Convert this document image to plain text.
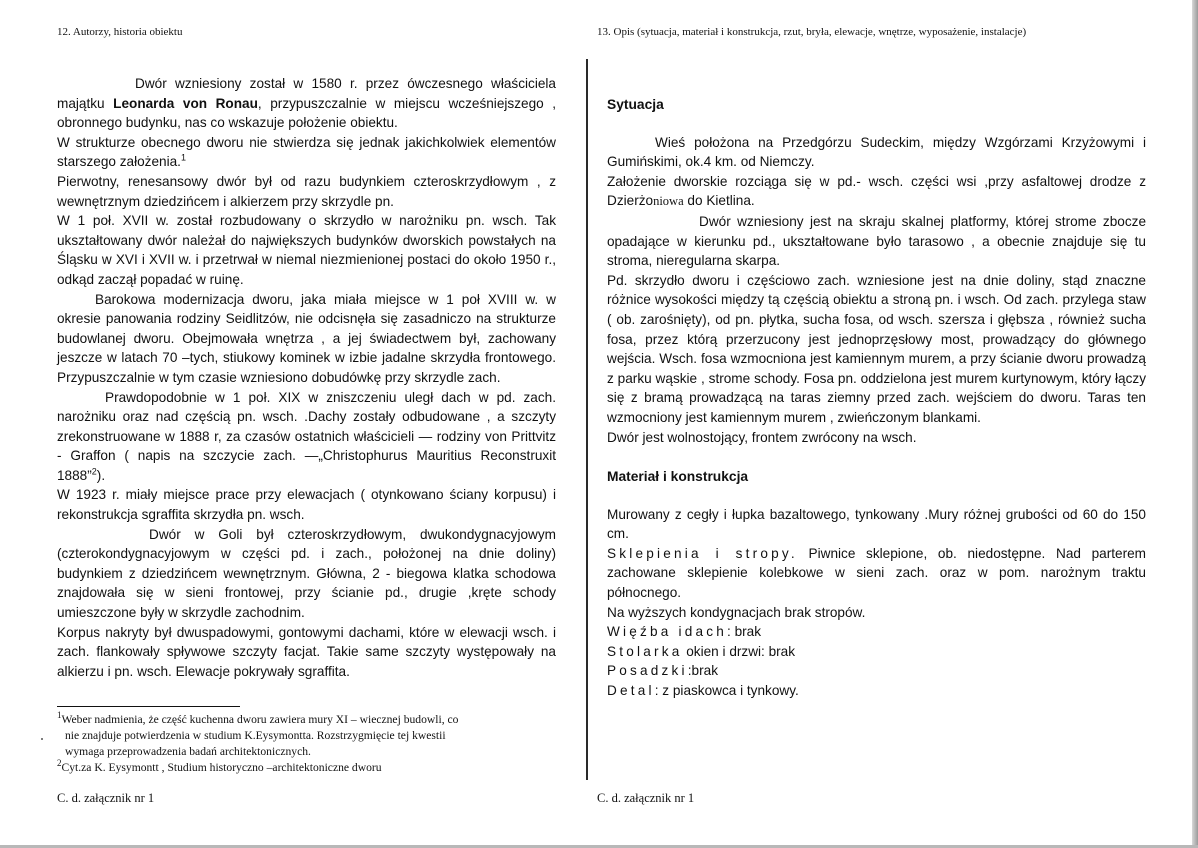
12. Autorzy, historia obiektu	13. Opis (sytuacja, materiał i konstrukcja, rzut, bryła, elewacje, wnętrze, wyposażenie, instalacje)

Dwór wzniesiony został w 1580 r. przez ówczesnego właściciela majątku Leonarda von Ronau, przypuszczalnie w miejscu wcześniejszego , obronnego budynku, nas co wskazuje położenie obiektu.

W strukturze obecnego dworu nie stwierdza się jednak jakichkolwiek elementów starszego założenia.$^1$

Pierwotny, renesansowy dwór był od razu budynkiem czteroskrzydłowym , z wewnętrznym dziedzińcem i alkierzem przy skrzydle pn.

W 1 poł. XVII w. został rozbudowany o skrzydło w narożniku pn. wsch. Tak ukształtowany dwór należał do największych budynków dworskich powstałych na Śląsku w XVI i XVII w. i przetrwał w niemal niezmienionej postaci do około 1950 r., odkąd zaczął popadać w ruinę.

Barokowa modernizacja dworu, jaka miała miejsce w 1 poł XVIII w. w okresie panowania rodziny Seidlitzów, nie odcisnęła się zasadniczo na strukturze budowlanej dworu. Obejmowała wnętrza , a jej świadectwem był, zachowany jeszcze w latach 70 –tych, stiukowy kominek w izbie jadalne skrzydła frontowego. Przypuszczalnie w tym czasie wzniesiono dobudówkę przy skrzydle zach.

Prawdopodobnie w 1 poł. XIX w zniszczeniu uległ dach w pd. zach. narożniku oraz nad częścią pn. wsch. .Dachy zostały odbudowane , a szczyty zrekonstruowane w 1888 r, za czasów ostatnich właścicieli — rodziny von Prittvitz - Graffon ( napis na szczycie zach. —„Christophurus Mauritius Reconstruxit 1888”$^2$).

W 1923 r. miały miejsce prace przy elewacjach ( otynkowano ściany korpusu) i rekonstrukcja sgraffita skrzydła pn. wsch.

Dwór w Goli był czteroskrzydłowym, dwukondygnacyjowym (czterokondygnacyjowym w części pd. i zach., położonej na dnie doliny) budynkiem z dziedzińcem wewnętrznym. Główna, 2 - biegowa klatka schodowa znajdowała się w sieni frontowej, przy ścianie pd., drugie ,kręte schody umieszczone były w skrzydle zachodnim.

Korpus nakryty był dwuspadowymi, gontowymi dachami, które w elewacji wsch. i zach. flankowały spływowe szczyty facjat. Takie same szczyty występowały na alkierzu i pn. wsch. Elewacje pokrywały sgraffita.

$^1$Weber nadmienia, że część kuchenna dworu zawiera mury XI – wiecznej budowli, co

nie znajduje potwierdzenia w studium K.Eysymontta. Rozstrzygmięcie tej kwestii

wymaga przeprowadzenia badań architektonicznych.

$^2$Cyt.za K. Eysymontt , Studium historyczno –architektoniczne dworu

Sytuacja

Wieś położona na Przedgórzu Sudeckim, między Wzgórzami Krzyżowymi i Gumińskimi, ok.4 km. od Niemczy.

Założenie dworskie rozciąga się w pd.- wsch. części wsi ,przy asfaltowej drodze z Dzierżoniowa do Kietlina.

Dwór wzniesiony jest na skraju skalnej platformy, której strome zbocze opadające w kierunku pd., ukształtowane było tarasowo , a obecnie znajduje się tu stroma, nieregularna skarpa.

Pd. skrzydło dworu i częściowo zach. wzniesione jest na dnie doliny, stąd znaczne różnice wysokości między tą częścią obiektu a stroną pn. i wsch. Od zach. przylega staw ( ob. zarośnięty), od pn. płytka, sucha fosa, od wsch. szersza i głębsza , również sucha fosa, przez którą przerzucony jest jednoprzęsłowy most, prowadzący do głównego wejścia. Wsch. fosa wzmocniona jest kamiennym murem, a przy ścianie dworu prowadzą z parku wąskie , strome schody. Fosa pn. oddzielona jest murem kurtynowym, który łączy się z bramą prowadzącą na taras ziemny przed zach. wejściem do dworu. Taras ten wzmocniony jest kamiennym murem , zwieńczonym blankami.

Dwór jest wolnostojący, frontem zwrócony na wsch.

Materiał i konstrukcja

Murowany z cegły i łupka bazaltowego, tynkowany .Mury różnej grubości od 60 do 150 cm.

Sklepienia i stropy. Piwnice sklepione, ob. niedostępne. Nad parterem zachowane sklepienie kolebkowe w sieni zach. oraz w pom. narożnym traktu północnego.

Na wyższych kondygnacjach brak stropów.

Więźba idach: brak

Stolarka okien i drzwi: brak

Posadzki:brak

Detal: z piaskowca i tynkowy.

C. d. załącznik nr 1	C. d. załącznik nr 1
